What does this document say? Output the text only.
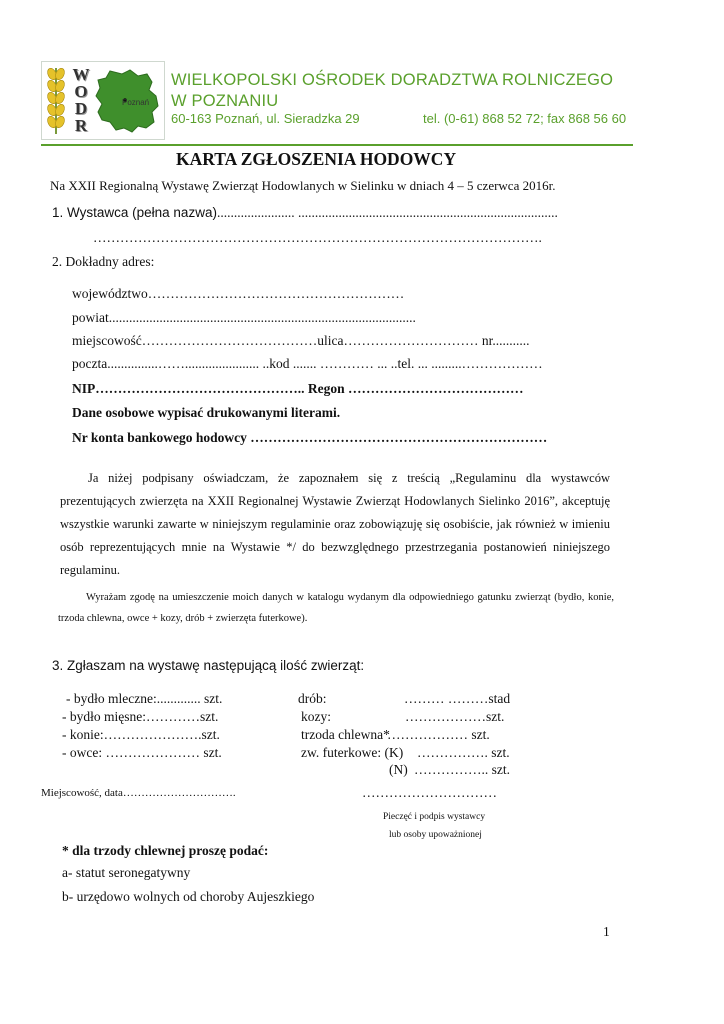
W
O
D
R
Poznań
WIELKOPOLSKI OŚRODEK DORADZTWA ROLNICZEGO
W POZNANIU
60-163 Poznań, ul. Sieradzka 29	tel. (0-61) 868 52 72; fax 868 56 60
KARTA ZGŁOSZENIA HODOWCY
Na XXII Regionalną Wystawę Zwierząt Hodowlanych w Sielinku w dniach 4 – 5 czerwca 2016r.
1. Wystawca (pełna nazwa)....................... .............................................................................
……………………………………………………………………………………….
2. Dokładny adres:
województwo…………………………………………………
powiat...........................................................................................
miejscowość…………………………………ulica………………………… nr...........
poczta...............……...................... ..kod ....... ………… ... ..tel. ... .........………………
NIP……………………………………….. Regon …………………………………
Dane osobowe wypisać drukowanymi literami.
Nr konta bankowego hodowcy …………………………………………………………
Ja niżej podpisany oświadczam, że zapoznałem się z treścią „Regulaminu dla wystawców prezentujących zwierzęta na XXII Regionalnej Wystawie Zwierząt Hodowlanych Sielinko 2016”, akceptuję wszystkie warunki zawarte w niniejszym regulaminie oraz zobowiązuję się osobiście, jak również w imieniu osób reprezentujących mnie na Wystawie */ do bezwzględnego przestrzegania postanowień niniejszego regulaminu.
Wyrażam zgodę na umieszczenie moich danych w katalogu wydanym dla odpowiedniego gatunku zwierząt (bydło, konie, trzoda chlewna, owce + kozy, drób + zwierzęta futerkowe).
3. Zgłaszam na wystawę następującą ilość zwierząt:
- bydło mleczne:............. szt.
- bydło mięsne:…………szt.
- konie:………………….szt.
- owce: ………………… szt.
drób:
kozy:
trzoda chlewna*
zw. futerkowe: (K)
(N)
……… ………stad
………………szt.
……………… szt.
……………. szt.
…………….. szt.
Miejscowość, data………………………….	…………………………
Pieczęć i podpis wystawcy
lub osoby upoważnionej
* dla trzody chlewnej proszę podać:
a- statut seronegatywny
b- urzędowo wolnych od choroby Aujeszkiego
1
